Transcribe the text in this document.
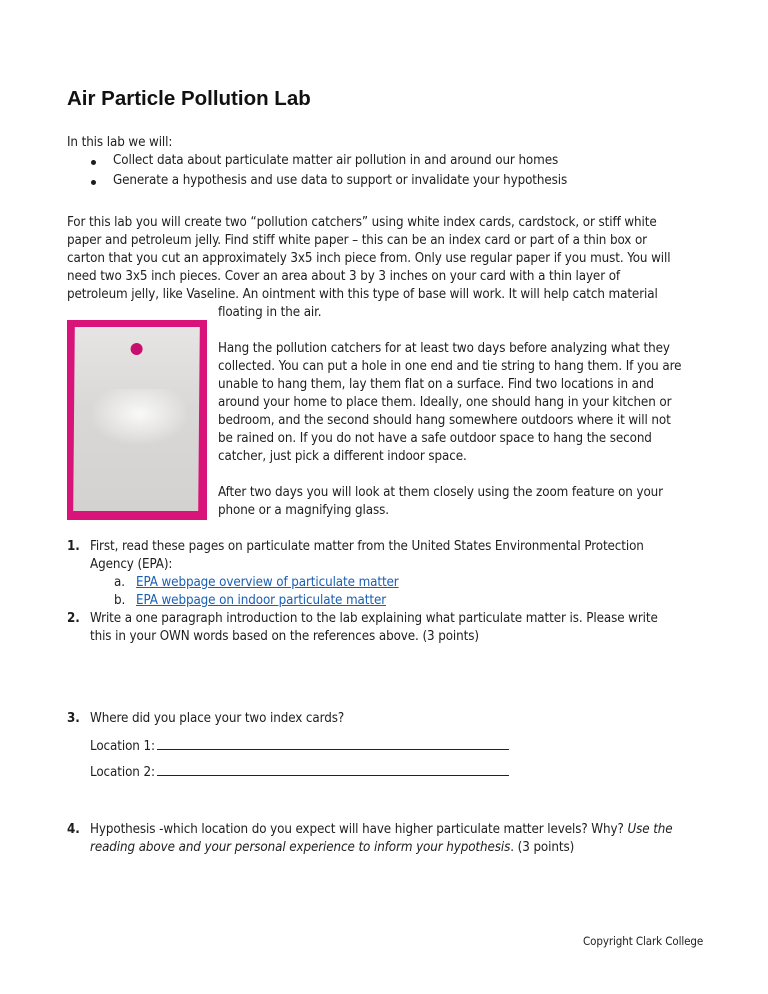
Air Particle Pollution Lab
In this lab we will:
Collect data about particulate matter air pollution in and around our homes
Generate a hypothesis and use data to support or invalidate your hypothesis
For this lab you will create two “pollution catchers” using white index cards, cardstock, or stiff white
paper and petroleum jelly. Find stiff white paper – this can be an index card or part of a thin box or
carton that you cut an approximately 3x5 inch piece from. Only use regular paper if you must. You will
need two 3x5 inch pieces. Cover an area about 3 by 3 inches on your card with a thin layer of
petroleum jelly, like Vaseline. An ointment with this type of base will work. It will help catch material
floating in the air.
Hang the pollution catchers for at least two days before analyzing what they
collected. You can put a hole in one end and tie string to hang them. If you are
unable to hang them, lay them flat on a surface. Find two locations in and
around your home to place them. Ideally, one should hang in your kitchen or
bedroom, and the second should hang somewhere outdoors where it will not
be rained on. If you do not have a safe outdoor space to hang the second
catcher, just pick a different indoor space.
After two days you will look at them closely using the zoom feature on your
phone or a magnifying glass.
1. First, read these pages on particulate matter from the United States Environmental Protection
Agency (EPA):
a. EPA webpage overview of particulate matter
b. EPA webpage on indoor particulate matter
2. Write a one paragraph introduction to the lab explaining what particulate matter is. Please write
this in your OWN words based on the references above. (3 points)
3. Where did you place your two index cards?
Location 1:
Location 2:
4. Hypothesis -which location do you expect will have higher particulate matter levels? Why? Use the
reading above and your personal experience to inform your hypothesis. (3 points)
Copyright Clark College
